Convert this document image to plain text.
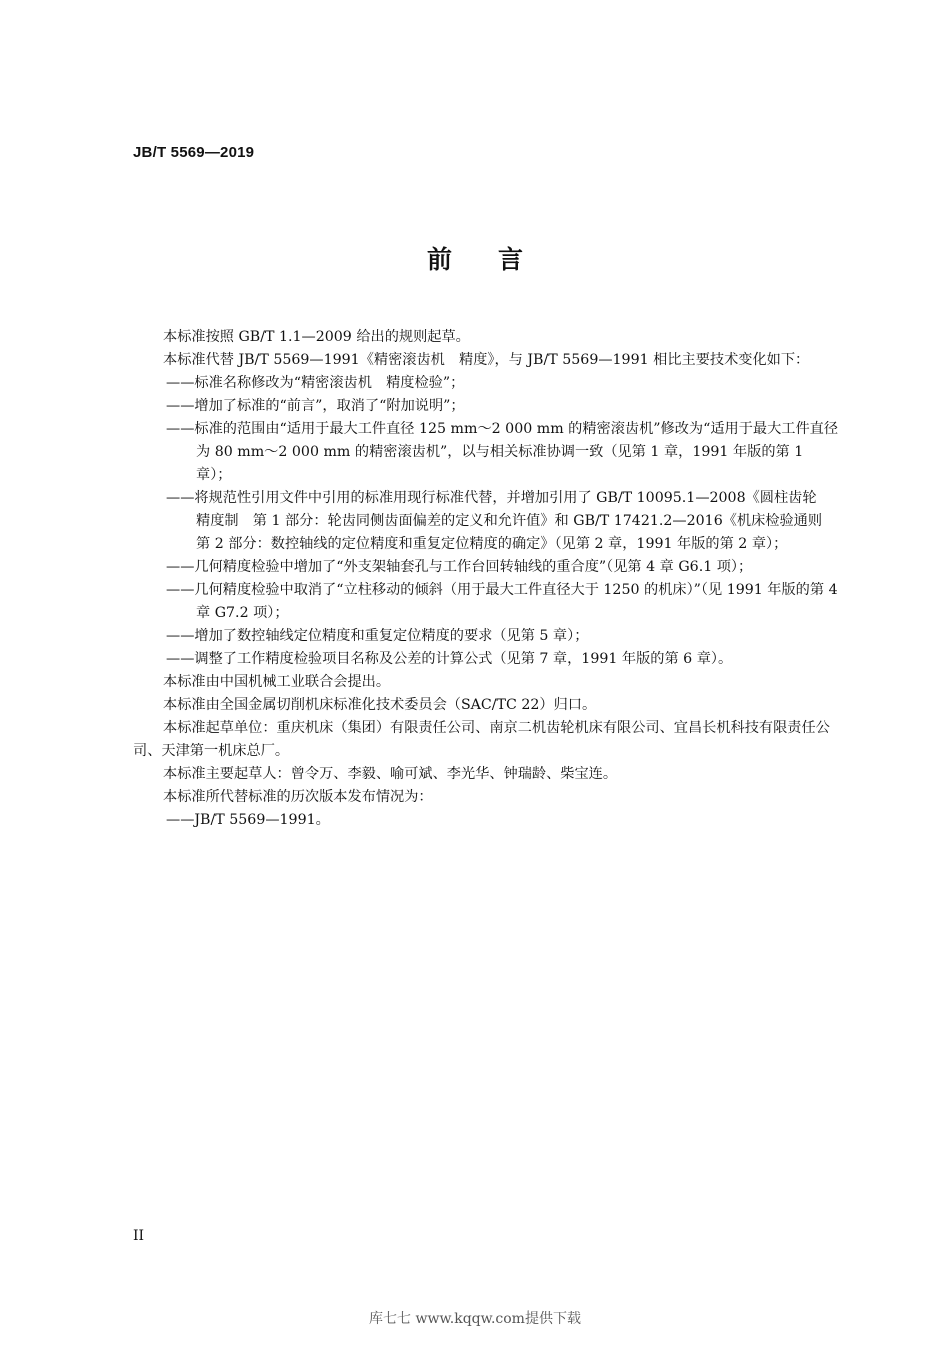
JB/T 5569—2019
前言

本标准按照 GB/T 1.1—2009 给出的规则起草。

本标准代替 JB/T 5569—1991《精密滚齿机　精度》，与 JB/T 5569—1991 相比主要技术变化如下：

——标准名称修改为“精密滚齿机　精度检验”；

——增加了标准的“前言”，取消了“附加说明”；

——标准的范围由“适用于最大工件直径 125 mm～2 000 mm 的精密滚齿机”修改为“适用于最大工件直径为 80 mm～2 000 mm 的精密滚齿机”，以与相关标准协调一致（见第 1 章，1991 年版的第 1 章）；

——将规范性引用文件中引用的标准用现行标准代替，并增加引用了 GB/T 10095.1—2008《圆柱齿轮　精度制　第 1 部分：轮齿同侧齿面偏差的定义和允许值》和 GB/T 17421.2—2016《机床检验通则　第 2 部分：数控轴线的定位精度和重复定位精度的确定》（见第 2 章，1991 年版的第 2 章）；

——几何精度检验中增加了“外支架轴套孔与工作台回转轴线的重合度”（见第 4 章 G6.1 项）；

——几何精度检验中取消了“立柱移动的倾斜（用于最大工件直径大于 1250 的机床）”（见 1991 年版的第 4 章 G7.2 项）；

——增加了数控轴线定位精度和重复定位精度的要求（见第 5 章）；

——调整了工作精度检验项目名称及公差的计算公式（见第 7 章，1991 年版的第 6 章）。

本标准由中国机械工业联合会提出。

本标准由全国金属切削机床标准化技术委员会（SAC/TC 22）归口。

本标准起草单位：重庆机床（集团）有限责任公司、南京二机齿轮机床有限公司、宜昌长机科技有限责任公司、天津第一机床总厂。

本标准主要起草人：曾令万、李毅、喻可斌、李光华、钟瑞龄、柴宝连。

本标准所代替标准的历次版本发布情况为：

——JB/T 5569—1991。

II
库七七 www.kqqw.com提供下载
